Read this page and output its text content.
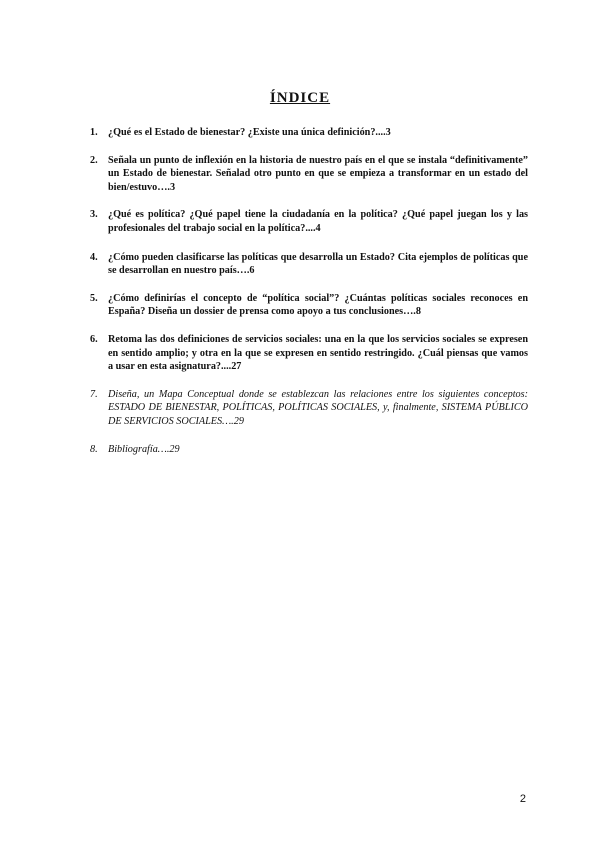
ÍNDICE
1.	¿Qué es el Estado de bienestar? ¿Existe una única definición?....3
2.	Señala un punto de inflexión en la historia de nuestro país en el que se instala “definitivamente” un Estado de bienestar. Señalad otro punto en que se empieza a transformar en un estado del bien/estuvo….3
3.	¿Qué es política? ¿Qué papel tiene la ciudadanía en la política? ¿Qué papel juegan los y las profesionales del trabajo social en la política?....4
4.	¿Cómo pueden clasificarse las políticas que desarrolla un Estado? Cita ejemplos de políticas que se desarrollan en nuestro país….6
5.	¿Cómo definirías el concepto de “política social”? ¿Cuántas políticas sociales reconoces en España? Diseña un dossier de prensa como apoyo a tus conclusiones….8
6.	Retoma las dos definiciones de servicios sociales: una en la que los servicios sociales se expresen en sentido amplio; y otra en la que se expresen en sentido restringido. ¿Cuál piensas que vamos a usar en esta asignatura?....27
7.	Diseña, un Mapa Conceptual donde se establezcan las relaciones entre los siguientes conceptos: ESTADO DE BIENESTAR, POLÍTICAS, POLÍTICAS SOCIALES, y, finalmente, SISTEMA PÚBLICO DE SERVICIOS SOCIALES….29
8.	Bibliografía….29
2
